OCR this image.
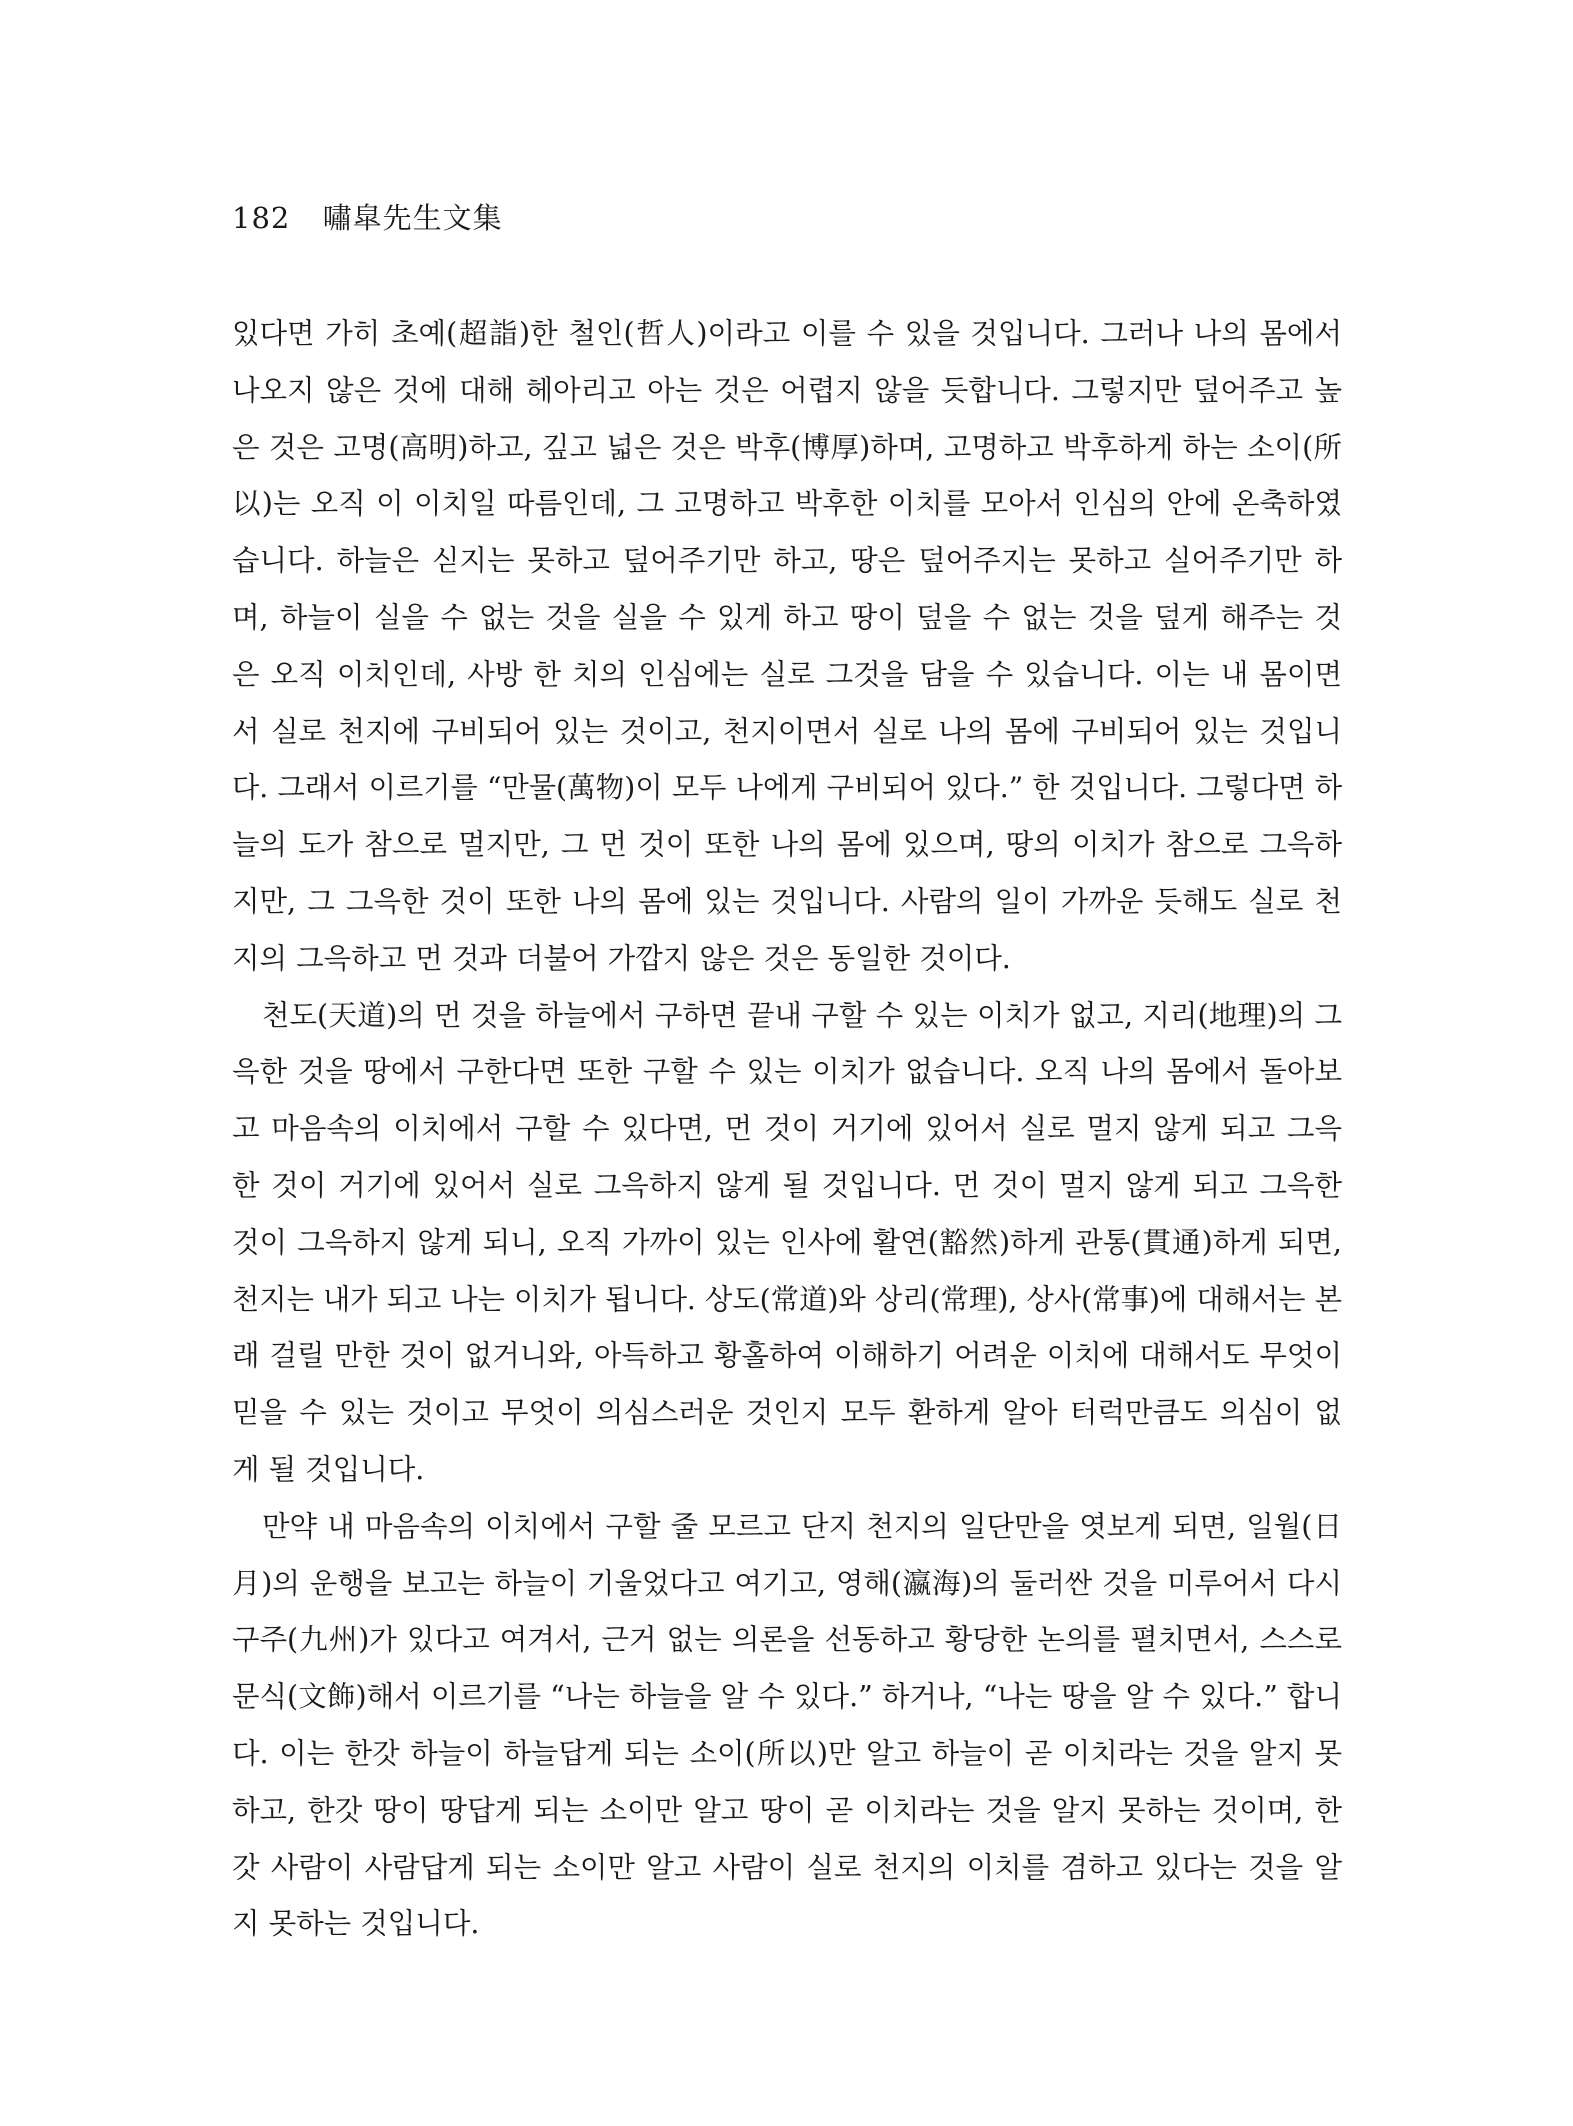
182 嘯皐先生文集
있다면 가히 초예(超詣)한 철인(哲人)이라고 이를 수 있을 것입니다. 그러나 나의 몸에서
나오지 않은 것에 대해 헤아리고 아는 것은 어렵지 않을 듯합니다. 그렇지만 덮어주고 높
은 것은 고명(高明)하고, 깊고 넓은 것은 박후(博厚)하며, 고명하고 박후하게 하는 소이(所
以)는 오직 이 이치일 따름인데, 그 고명하고 박후한 이치를 모아서 인심의 안에 온축하였
습니다. 하늘은 싣지는 못하고 덮어주기만 하고, 땅은 덮어주지는 못하고 실어주기만 하
며, 하늘이 실을 수 없는 것을 실을 수 있게 하고 땅이 덮을 수 없는 것을 덮게 해주는 것
은 오직 이치인데, 사방 한 치의 인심에는 실로 그것을 담을 수 있습니다. 이는 내 몸이면
서 실로 천지에 구비되어 있는 것이고, 천지이면서 실로 나의 몸에 구비되어 있는 것입니
다. 그래서 이르기를 “만물(萬物)이 모두 나에게 구비되어 있다.” 한 것입니다. 그렇다면 하
늘의 도가 참으로 멀지만, 그 먼 것이 또한 나의 몸에 있으며, 땅의 이치가 참으로 그윽하
지만, 그 그윽한 것이 또한 나의 몸에 있는 것입니다. 사람의 일이 가까운 듯해도 실로 천
지의 그윽하고 먼 것과 더불어 가깝지 않은 것은 동일한 것이다.
천도(天道)의 먼 것을 하늘에서 구하면 끝내 구할 수 있는 이치가 없고, 지리(地理)의 그
윽한 것을 땅에서 구한다면 또한 구할 수 있는 이치가 없습니다. 오직 나의 몸에서 돌아보
고 마음속의 이치에서 구할 수 있다면, 먼 것이 거기에 있어서 실로 멀지 않게 되고 그윽
한 것이 거기에 있어서 실로 그윽하지 않게 될 것입니다. 먼 것이 멀지 않게 되고 그윽한
것이 그윽하지 않게 되니, 오직 가까이 있는 인사에 활연(豁然)하게 관통(貫通)하게 되면,
천지는 내가 되고 나는 이치가 됩니다. 상도(常道)와 상리(常理), 상사(常事)에 대해서는 본
래 걸릴 만한 것이 없거니와, 아득하고 황홀하여 이해하기 어려운 이치에 대해서도 무엇이
믿을 수 있는 것이고 무엇이 의심스러운 것인지 모두 환하게 알아 터럭만큼도 의심이 없
게 될 것입니다.
만약 내 마음속의 이치에서 구할 줄 모르고 단지 천지의 일단만을 엿보게 되면, 일월(日
月)의 운행을 보고는 하늘이 기울었다고 여기고, 영해(瀛海)의 둘러싼 것을 미루어서 다시
구주(九州)가 있다고 여겨서, 근거 없는 의론을 선동하고 황당한 논의를 펼치면서, 스스로
문식(文飾)해서 이르기를 “나는 하늘을 알 수 있다.” 하거나, “나는 땅을 알 수 있다.” 합니
다. 이는 한갓 하늘이 하늘답게 되는 소이(所以)만 알고 하늘이 곧 이치라는 것을 알지 못
하고, 한갓 땅이 땅답게 되는 소이만 알고 땅이 곧 이치라는 것을 알지 못하는 것이며, 한
갓 사람이 사람답게 되는 소이만 알고 사람이 실로 천지의 이치를 겸하고 있다는 것을 알
지 못하는 것입니다.
